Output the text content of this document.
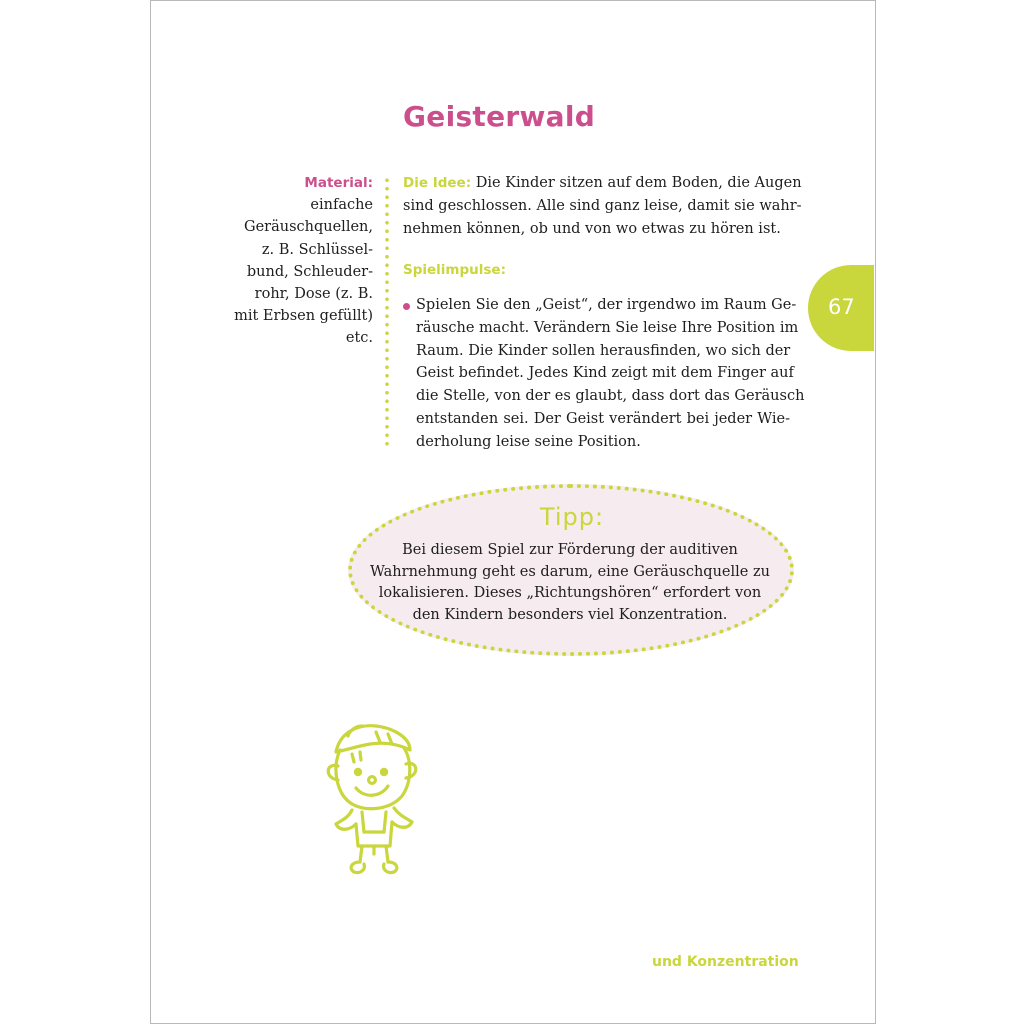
Geisterwald
Material:
einfache
Geräuschquellen,
z. B. Schlüssel-
bund, Schleuder-
rohr, Dose (z. B.
mit Erbsen gefüllt)
etc.
Die Idee: Die Kinder sitzen auf dem Boden, die Augen
sind geschlossen. Alle sind ganz leise, damit sie wahr-
nehmen können, ob und von wo etwas zu hören ist.
Spielimpulse:
Spielen Sie den „Geist“, der irgendwo im Raum Ge-
räusche macht. Verändern Sie leise Ihre Position im
Raum. Die Kinder sollen herausfinden, wo sich der
Geist befindet. Jedes Kind zeigt mit dem Finger auf
die Stelle, von der es glaubt, dass dort das Geräusch
entstanden sei. Der Geist verändert bei jeder Wie-
derholung leise seine Position.
67
Tipp:
Bei diesem Spiel zur Förderung der auditiven
Wahrnehmung geht es darum, eine Geräuschquelle zu
lokalisieren. Dieses „Richtungshören“ erfordert von
den Kindern besonders viel Konzentration.
und Konzentration
